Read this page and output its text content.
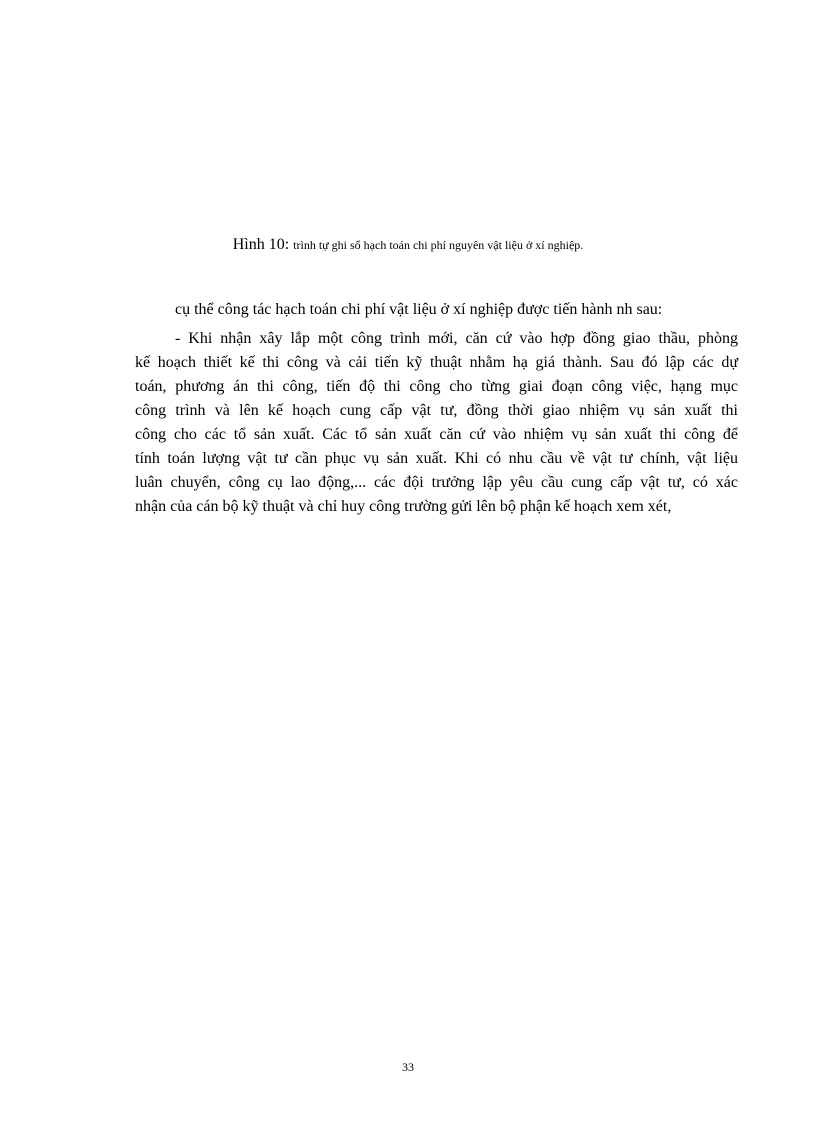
Hình 10: trình tự ghi sổ hạch toán chi phí nguyên vật liệu ở xí nghiệp.

cụ thể công tác hạch toán chi phí vật liệu ở xí nghiệp được tiến hành nh sau:

- Khi nhận xây lắp một công trình mới, căn cứ vào hợp đồng giao thầu, phòng
kế hoạch thiết kế thi công và cải tiến kỹ thuật nhằm hạ giá thành. Sau đó lập các dự
toán, phương án thi công, tiến độ thi công cho từng giai đoạn công việc, hạng mục
công trình và lên kế hoạch cung cấp vật tư, đồng thời giao nhiệm vụ sản xuất thi
công cho các tổ sản xuất. Các tổ sản xuất căn cứ vào nhiệm vụ sản xuất thi công để
tính toán lượng vật tư cần phục vụ sản xuất. Khi có nhu cầu về vật tư chính, vật liệu
luân chuyển, công cụ lao động,... các đội trưởng lập yêu cầu cung cấp vật tư, có xác
nhận của cán bộ kỹ thuật và chỉ huy công trường gửi lên bộ phận kế hoạch xem xét,
33
